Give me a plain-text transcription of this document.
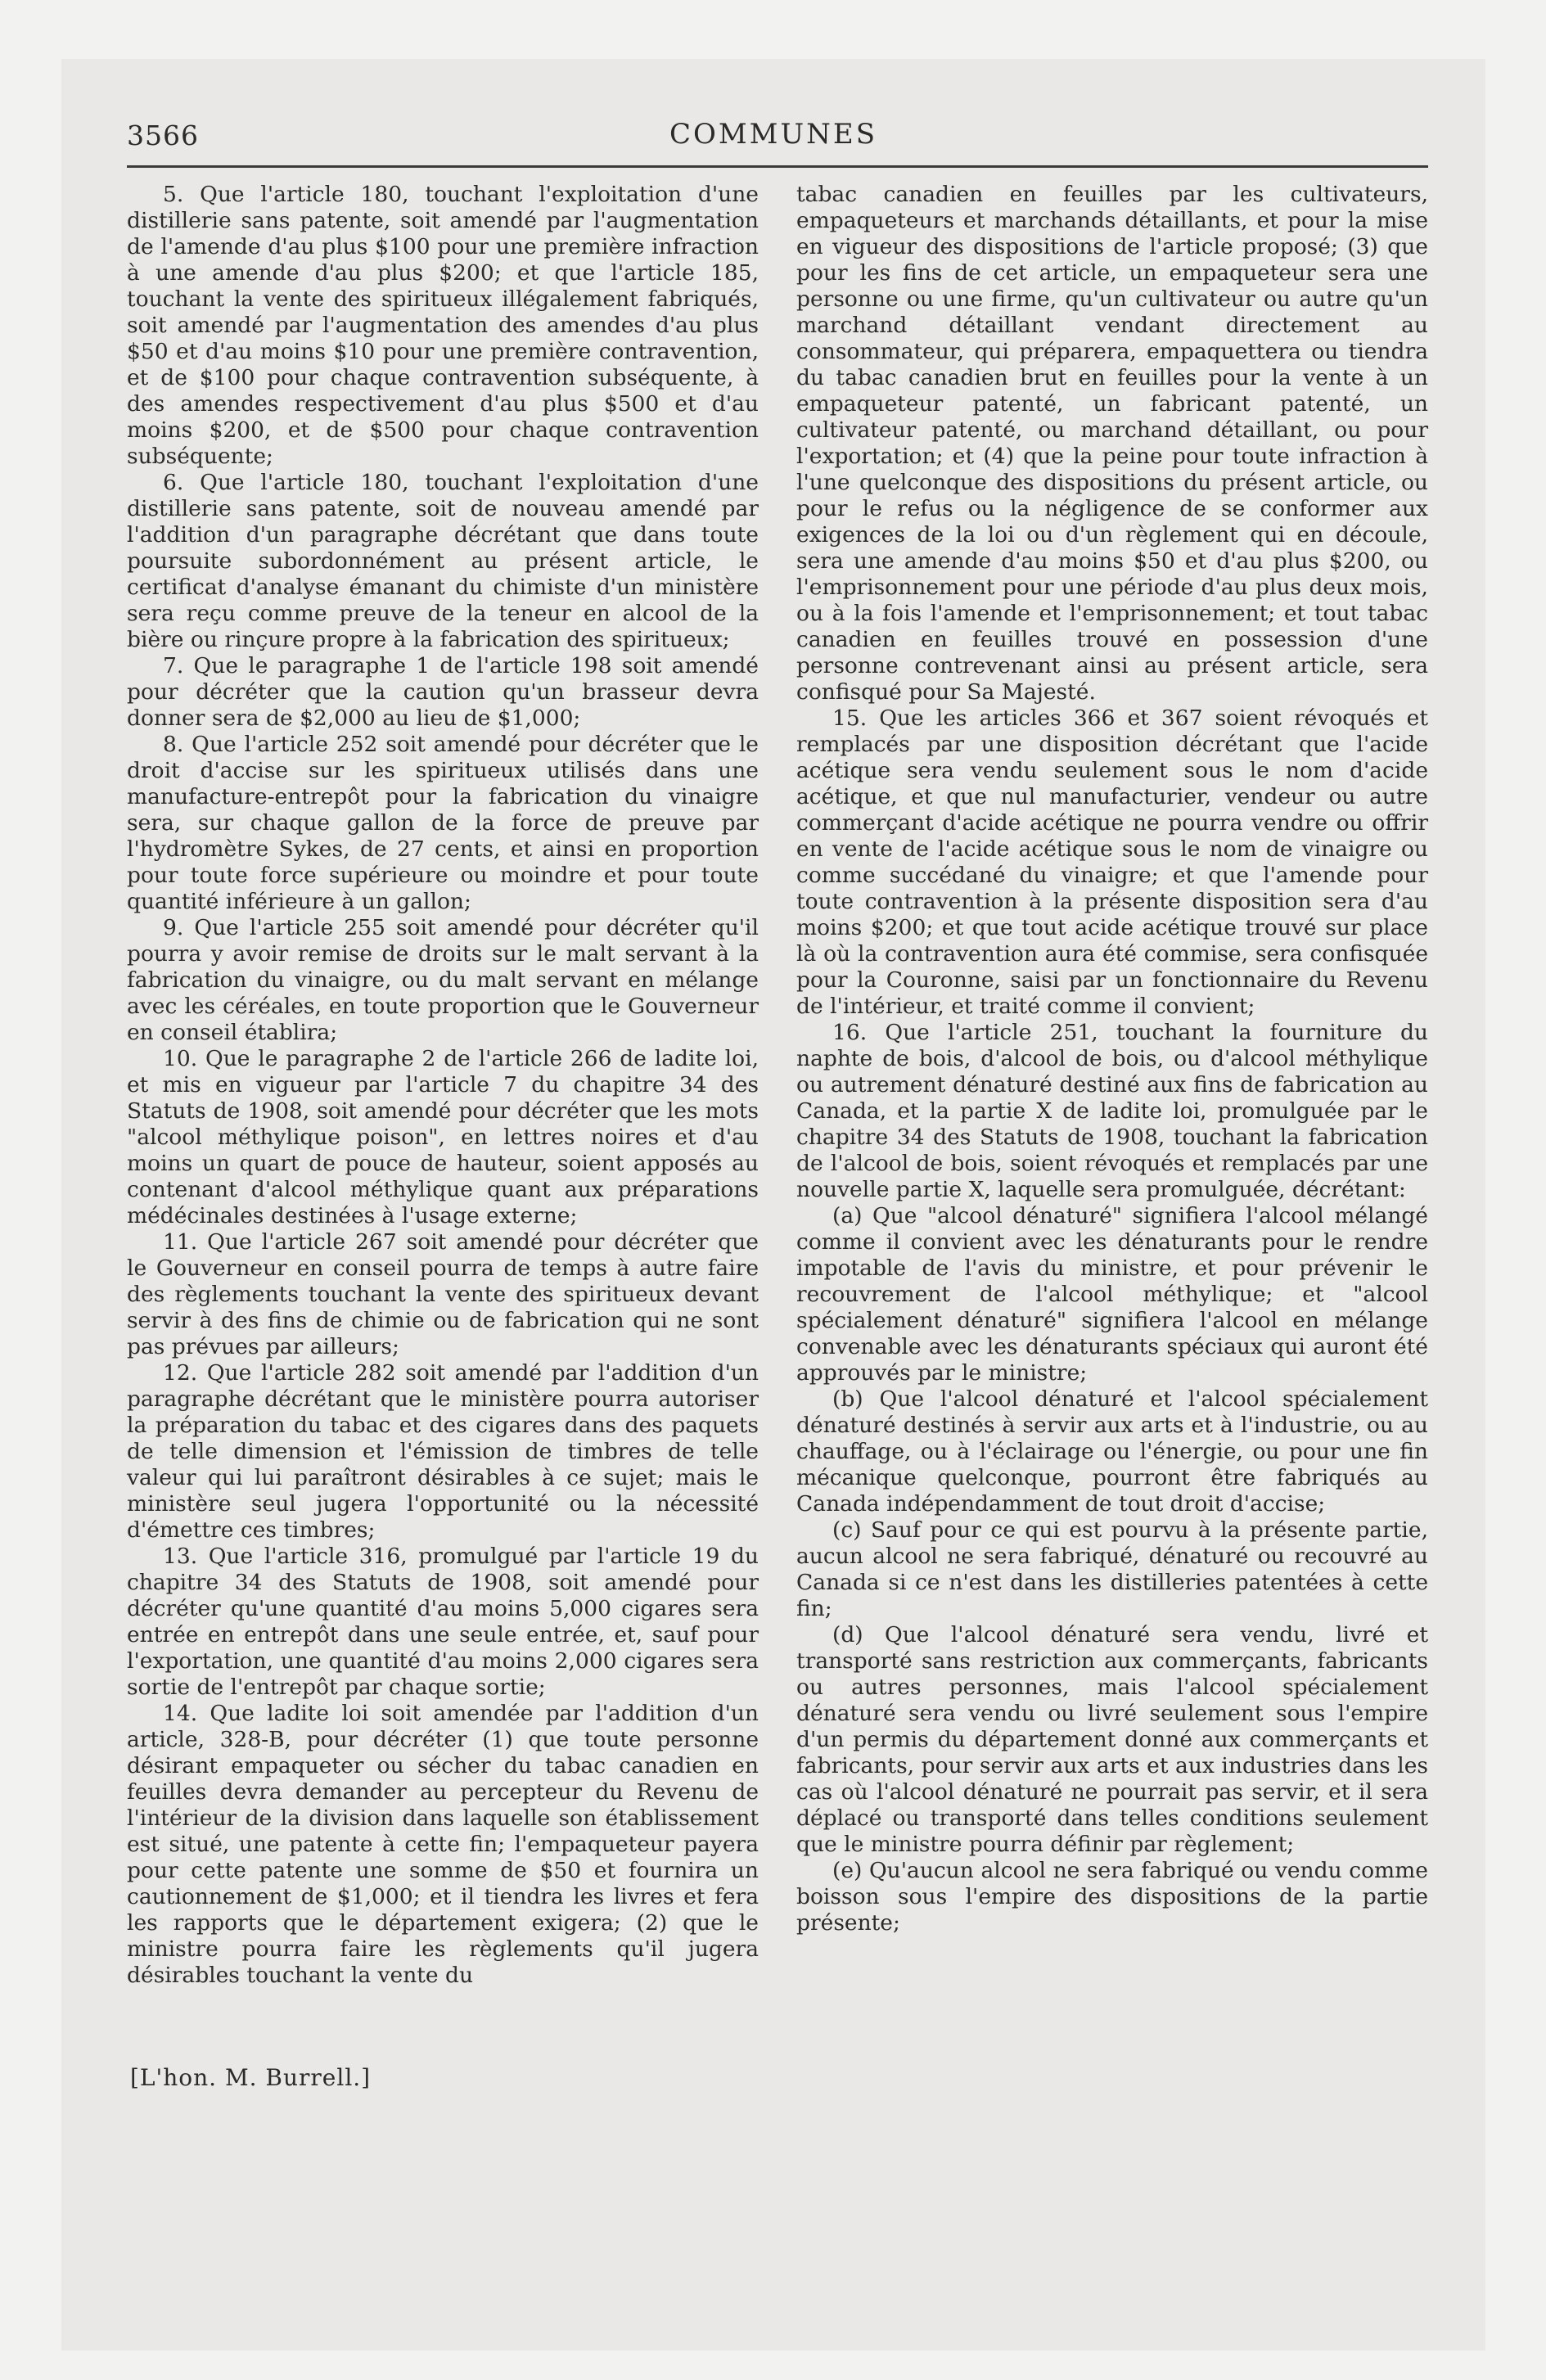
3566	COMMUNES

5. Que l'article 180, touchant l'exploitation d'une distillerie sans patente, soit amendé par l'augmentation de l'amende d'au plus $100 pour une première infraction à une amende d'au plus $200; et que l'article 185, touchant la vente des spiritueux illégalement fabriqués, soit amendé par l'augmentation des amendes d'au plus $50 et d'au moins $10 pour une première contravention, et de $100 pour chaque contravention subséquente, à des amendes respectivement d'au plus $500 et d'au moins $200, et de $500 pour chaque contravention subséquente;

6. Que l'article 180, touchant l'exploitation d'une distillerie sans patente, soit de nouveau amendé par l'addition d'un paragraphe décrétant que dans toute poursuite subordonnément au présent article, le certificat d'analyse émanant du chimiste d'un ministère sera reçu comme preuve de la teneur en alcool de la bière ou rinçure propre à la fabrication des spiritueux;

7. Que le paragraphe 1 de l'article 198 soit amendé pour décréter que la caution qu'un brasseur devra donner sera de $2,000 au lieu de $1,000;

8. Que l'article 252 soit amendé pour décréter que le droit d'accise sur les spiritueux utilisés dans une manufacture-entrepôt pour la fabrication du vinaigre sera, sur chaque gallon de la force de preuve par l'hydromètre Sykes, de 27 cents, et ainsi en proportion pour toute force supérieure ou moindre et pour toute quantité inférieure à un gallon;

9. Que l'article 255 soit amendé pour décréter qu'il pourra y avoir remise de droits sur le malt servant à la fabrication du vinaigre, ou du malt servant en mélange avec les céréales, en toute proportion que le Gouverneur en conseil établira;

10. Que le paragraphe 2 de l'article 266 de ladite loi, et mis en vigueur par l'article 7 du chapitre 34 des Statuts de 1908, soit amendé pour décréter que les mots "alcool méthylique poison", en lettres noires et d'au moins un quart de pouce de hauteur, soient apposés au contenant d'alcool méthylique quant aux préparations médécinales destinées à l'usage externe;

11. Que l'article 267 soit amendé pour décréter que le Gouverneur en conseil pourra de temps à autre faire des règlements touchant la vente des spiritueux devant servir à des fins de chimie ou de fabrication qui ne sont pas prévues par ailleurs;

12. Que l'article 282 soit amendé par l'addition d'un paragraphe décrétant que le ministère pourra autoriser la préparation du tabac et des cigares dans des paquets de telle dimension et l'émission de timbres de telle valeur qui lui paraîtront désirables à ce sujet; mais le ministère seul jugera l'opportunité ou la nécessité d'émettre ces timbres;

13. Que l'article 316, promulgué par l'article 19 du chapitre 34 des Statuts de 1908, soit amendé pour décréter qu'une quantité d'au moins 5,000 cigares sera entrée en entrepôt dans une seule entrée, et, sauf pour l'exportation, une quantité d'au moins 2,000 cigares sera sortie de l'entrepôt par chaque sortie;

14. Que ladite loi soit amendée par l'addition d'un article, 328-B, pour décréter (1) que toute personne désirant empaqueter ou sécher du tabac canadien en feuilles devra demander au percepteur du Revenu de l'intérieur de la division dans laquelle son établissement est situé, une patente à cette fin; l'empaqueteur payera pour cette patente une somme de $50 et fournira un cautionnement de $1,000; et il tiendra les livres et fera les rapports que le département exigera; (2) que le ministre pourra faire les règlements qu'il jugera désirables touchant la vente du

tabac canadien en feuilles par les cultivateurs, empaqueteurs et marchands détaillants, et pour la mise en vigueur des dispositions de l'article proposé; (3) que pour les fins de cet article, un empaqueteur sera une personne ou une firme, qu'un cultivateur ou autre qu'un marchand détaillant vendant directement au consommateur, qui préparera, empaquettera ou tiendra du tabac canadien brut en feuilles pour la vente à un empaqueteur patenté, un fabricant patenté, un cultivateur patenté, ou marchand détaillant, ou pour l'exportation; et (4) que la peine pour toute infraction à l'une quelconque des dispositions du présent article, ou pour le refus ou la négligence de se conformer aux exigences de la loi ou d'un règlement qui en découle, sera une amende d'au moins $50 et d'au plus $200, ou l'emprisonnement pour une période d'au plus deux mois, ou à la fois l'amende et l'emprisonnement; et tout tabac canadien en feuilles trouvé en possession d'une personne contrevenant ainsi au présent article, sera confisqué pour Sa Majesté.

15. Que les articles 366 et 367 soient révoqués et remplacés par une disposition décrétant que l'acide acétique sera vendu seulement sous le nom d'acide acétique, et que nul manufacturier, vendeur ou autre commerçant d'acide acétique ne pourra vendre ou offrir en vente de l'acide acétique sous le nom de vinaigre ou comme succédané du vinaigre; et que l'amende pour toute contravention à la présente disposition sera d'au moins $200; et que tout acide acétique trouvé sur place là où la contravention aura été commise, sera confisquée pour la Couronne, saisi par un fonctionnaire du Revenu de l'intérieur, et traité comme il convient;

16. Que l'article 251, touchant la fourniture du naphte de bois, d'alcool de bois, ou d'alcool méthylique ou autrement dénaturé destiné aux fins de fabrication au Canada, et la partie X de ladite loi, promulguée par le chapitre 34 des Statuts de 1908, touchant la fabrication de l'alcool de bois, soient révoqués et remplacés par une nouvelle partie X, laquelle sera promulguée, décrétant:

(a) Que "alcool dénaturé" signifiera l'alcool mélangé comme il convient avec les dénaturants pour le rendre impotable de l'avis du ministre, et pour prévenir le recouvrement de l'alcool méthylique; et "alcool spécialement dénaturé" signifiera l'alcool en mélange convenable avec les dénaturants spéciaux qui auront été approuvés par le ministre;

(b) Que l'alcool dénaturé et l'alcool spécialement dénaturé destinés à servir aux arts et à l'industrie, ou au chauffage, ou à l'éclairage ou l'énergie, ou pour une fin mécanique quelconque, pourront être fabriqués au Canada indépendamment de tout droit d'accise;

(c) Sauf pour ce qui est pourvu à la présente partie, aucun alcool ne sera fabriqué, dénaturé ou recouvré au Canada si ce n'est dans les distilleries patentées à cette fin;

(d) Que l'alcool dénaturé sera vendu, livré et transporté sans restriction aux commerçants, fabricants ou autres personnes, mais l'alcool spécialement dénaturé sera vendu ou livré seulement sous l'empire d'un permis du département donné aux commerçants et fabricants, pour servir aux arts et aux industries dans les cas où l'alcool dénaturé ne pourrait pas servir, et il sera déplacé ou transporté dans telles conditions seulement que le ministre pourra définir par règlement;

(e) Qu'aucun alcool ne sera fabriqué ou vendu comme boisson sous l'empire des dispositions de la partie présente;

[L'hon. M. Burrell.]
